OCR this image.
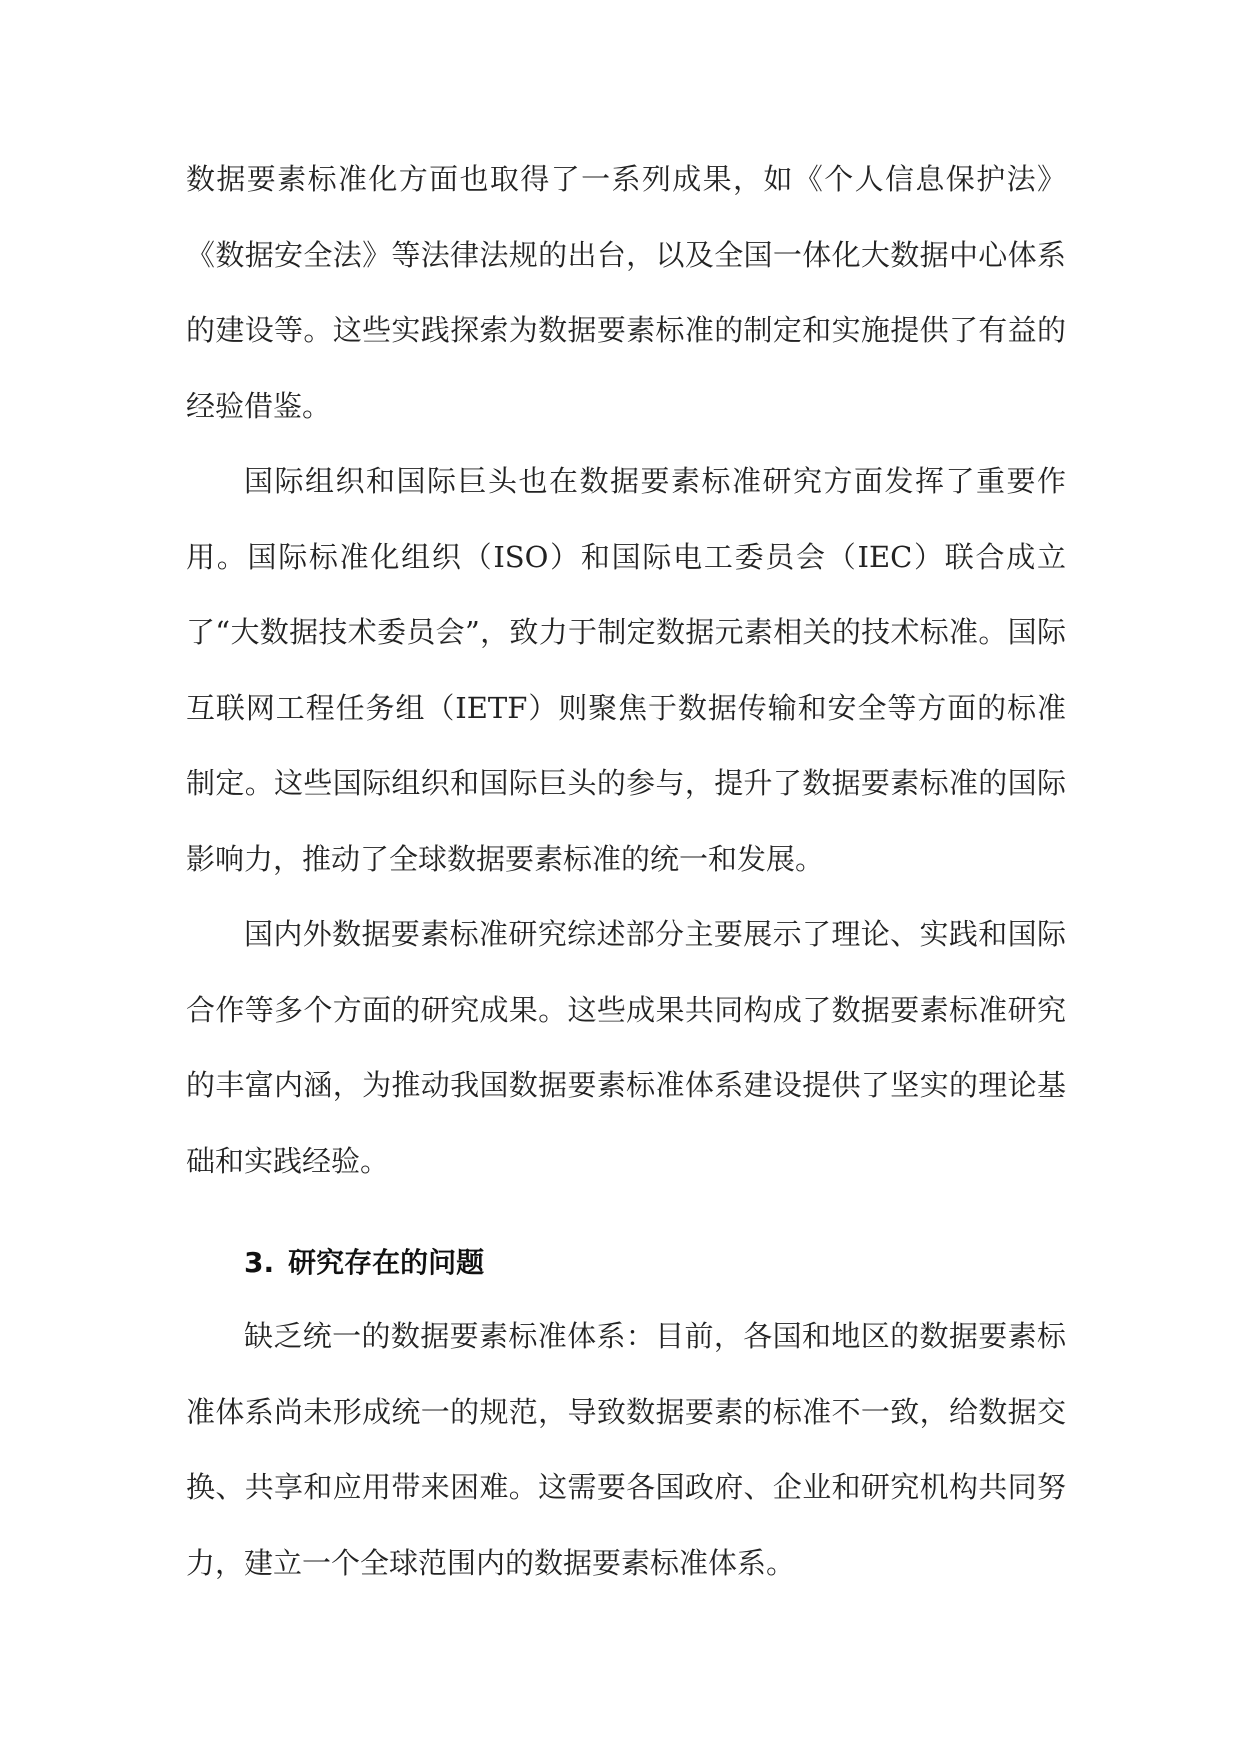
数据要素标准化方面也取得了一系列成果，如《个人信息保护法》《数据安全法》等法律法规的出台，以及全国一体化大数据中心体系的建设等。这些实践探索为数据要素标准的制定和实施提供了有益的经验借鉴。

国际组织和国际巨头也在数据要素标准研究方面发挥了重要作用。国际标准化组织（ISO）和国际电工委员会（IEC）联合成立了“大数据技术委员会”，致力于制定数据元素相关的技术标准。国际互联网工程任务组（IETF）则聚焦于数据传输和安全等方面的标准制定。这些国际组织和国际巨头的参与，提升了数据要素标准的国际影响力，推动了全球数据要素标准的统一和发展。

国内外数据要素标准研究综述部分主要展示了理论、实践和国际合作等多个方面的研究成果。这些成果共同构成了数据要素标准研究的丰富内涵，为推动我国数据要素标准体系建设提供了坚实的理论基础和实践经验。

3. 研究存在的问题

缺乏统一的数据要素标准体系：目前，各国和地区的数据要素标准体系尚未形成统一的规范，导致数据要素的标准不一致，给数据交换、共享和应用带来困难。这需要各国政府、企业和研究机构共同努力，建立一个全球范围内的数据要素标准体系。
